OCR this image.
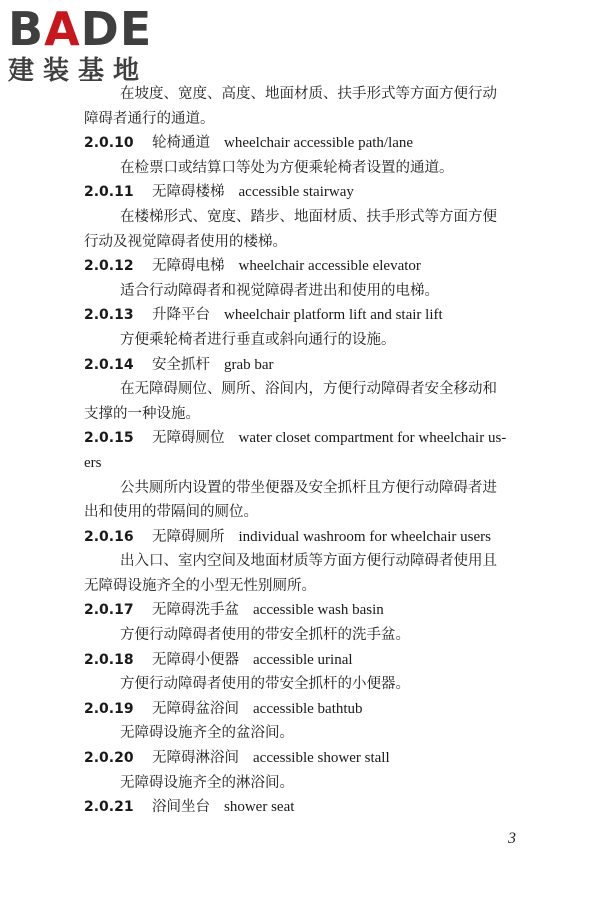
BADE
建装基地
在坡度、宽度、高度、地面材质、扶手形式等方面方便行动
障碍者通行的通道。
2.0.10 轮椅通道 wheelchair accessible path/lane
在检票口或结算口等处为方便乘轮椅者设置的通道。
2.0.11 无障碍楼梯 accessible stairway
在楼梯形式、宽度、踏步、地面材质、扶手形式等方面方便
行动及视觉障碍者使用的楼梯。
2.0.12 无障碍电梯 wheelchair accessible elevator
适合行动障碍者和视觉障碍者进出和使用的电梯。
2.0.13 升降平台 wheelchair platform lift and stair lift
方便乘轮椅者进行垂直或斜向通行的设施。
2.0.14 安全抓杆 grab bar
在无障碍厕位、厕所、浴间内，方便行动障碍者安全移动和
支撑的一种设施。
2.0.15 无障碍厕位 water closet compartment for wheelchair us-
ers
公共厕所内设置的带坐便器及安全抓杆且方便行动障碍者进
出和使用的带隔间的厕位。
2.0.16 无障碍厕所 individual washroom for wheelchair users
出入口、室内空间及地面材质等方面方便行动障碍者使用且
无障碍设施齐全的小型无性别厕所。
2.0.17 无障碍洗手盆 accessible wash basin
方便行动障碍者使用的带安全抓杆的洗手盆。
2.0.18 无障碍小便器 accessible urinal
方便行动障碍者使用的带安全抓杆的小便器。
2.0.19 无障碍盆浴间 accessible bathtub
无障碍设施齐全的盆浴间。
2.0.20 无障碍淋浴间 accessible shower stall
无障碍设施齐全的淋浴间。
2.0.21 浴间坐台 shower seat
3
